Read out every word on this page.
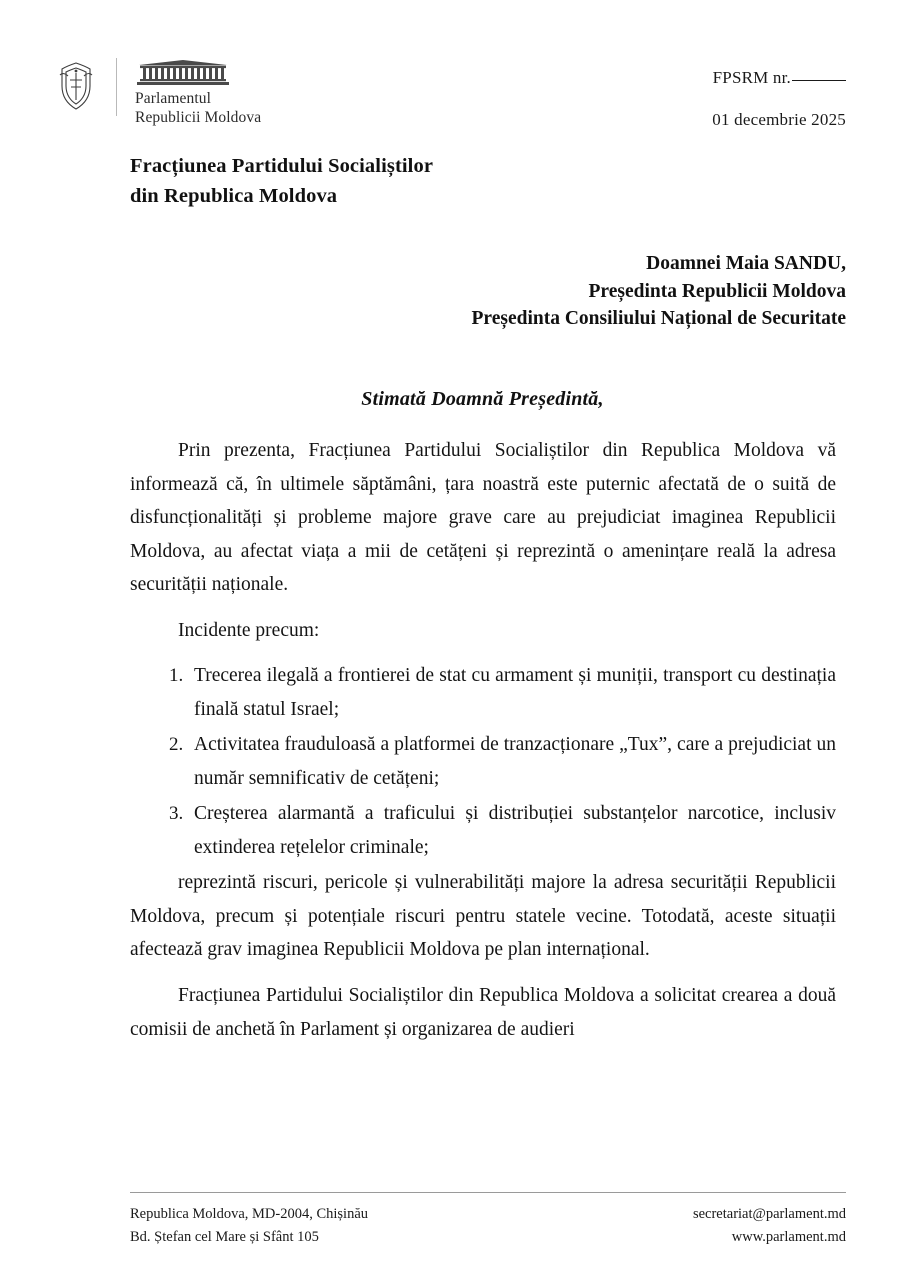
Parlamentul
Republicii Moldova
FPSRM nr.
01 decembrie 2025
Fracțiunea Partidului Socialiștilor
din Republica Moldova
Doamnei Maia SANDU,
Președinta Republicii Moldova
Președinta Consiliului Național de Securitate
Stimată Doamnă Președintă,

Prin prezenta, Fracțiunea Partidului Socialiștilor din Republica Moldova vă informează că, în ultimele săptămâni, țara noastră este puternic afectată de o suită de disfuncționalități și probleme majore grave care au prejudiciat imaginea Republicii Moldova, au afectat viața a mii de cetățeni și reprezintă o amenințare reală la adresa securității naționale.

Incidente precum:

1. Trecerea ilegală a frontierei de stat cu armament și muniții, transport cu destinația finală statul Israel;
2. Activitatea frauduloasă a platformei de tranzacționare „Tux”, care a prejudiciat un număr semnificativ de cetățeni;
3. Creșterea alarmantă a traficului și distribuției substanțelor narcotice, inclusiv extinderea rețelelor criminale;

reprezintă riscuri, pericole și vulnerabilități majore la adresa securității Republicii Moldova, precum și potențiale riscuri pentru statele vecine. Totodată, aceste situații afectează grav imaginea Republicii Moldova pe plan internațional.

Fracțiunea Partidului Socialiștilor din Republica Moldova a solicitat crearea a două comisii de anchetă în Parlament și organizarea de audieri

Republica Moldova, MD-2004, Chișinău
Bd. Ștefan cel Mare și Sfânt 105
secretariat@parlament.md
www.parlament.md
